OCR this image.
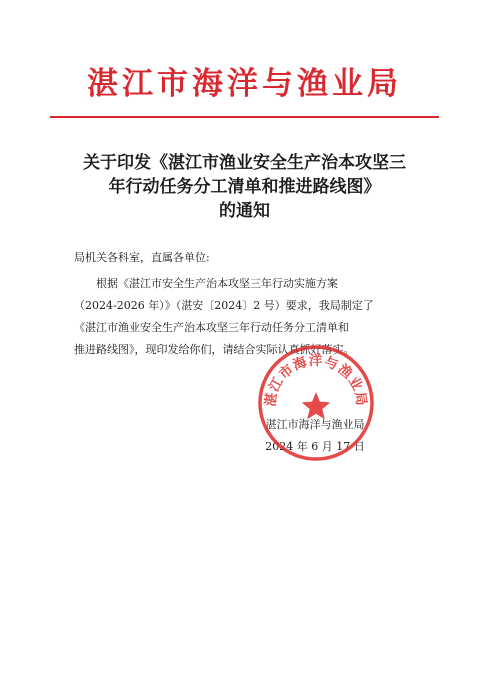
湛江市海洋与渔业局
关于印发《湛江市渔业安全生产治本攻坚三
年行动任务分工清单和推进路线图》
的通知
局机关各科室，直属各单位:
根据《湛江市安全生产治本攻坚三年行动实施方案
（2024-2026 年）》（湛安〔2024〕2 号）要求，我局制定了
《湛江市渔业安全生产治本攻坚三年行动任务分工清单和
推进路线图》，现印发给你们，请结合实际认真抓好落实。
湛江市海洋与渔业局
2024 年 6 月 17 日
湛江市海洋与渔业局
